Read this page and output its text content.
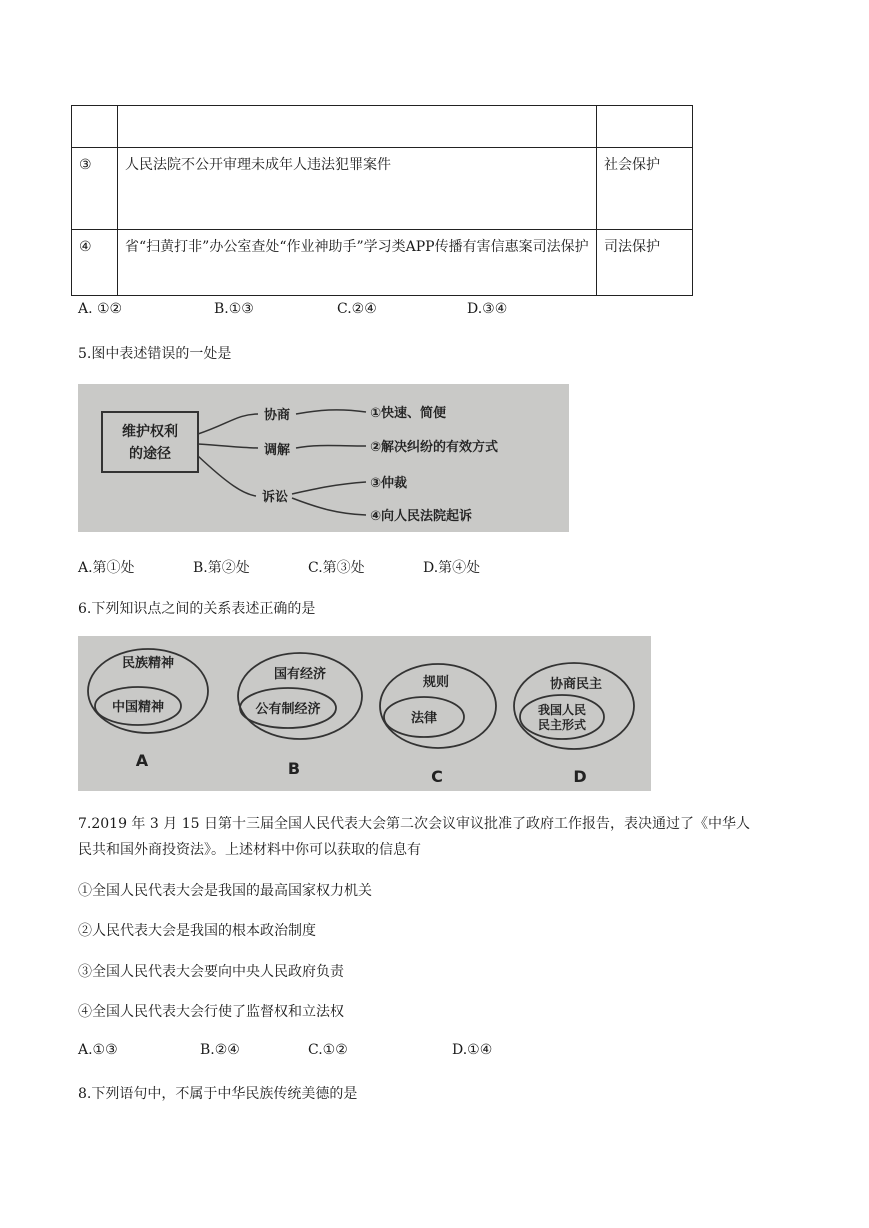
③	人民法院不公开审理未成年人违法犯罪案件	社会保护
④	省“扫黄打非”办公室查处“作业神助手”学习类APP传播有害信惠案司法保护	司法保护
A. ①②	B.①③	C.②④	D.③④
5.图中表述错误的一处是
维护权利
的途径
协商
调解
诉讼
①快速、简便
②解决纠纷的有效方式
③仲裁
④向人民法院起诉
A.第①处	B.第②处	C.第③处	D.第④处
6.下列知识点之间的关系表述正确的是
民族精神
中国精神
A
国有经济
公有制经济
B
规则
法律
C
协商民主
我国人民
民主形式
D
7.2019 年 3 月 15 日第十三届全国人民代表大会第二次会议审议批准了政府工作报告，表决通过了《中华人
民共和国外商投资法》。上述材料中你可以获取的信息有
①全国人民代表大会是我国的最高国家权力机关
②人民代表大会是我国的根本政治制度
③全国人民代表大会要向中央人民政府负责
④全国人民代表大会行使了监督权和立法权
A.①③	B.②④	C.①②	D.①④
8.下列语句中，不属于中华民族传统美德的是
